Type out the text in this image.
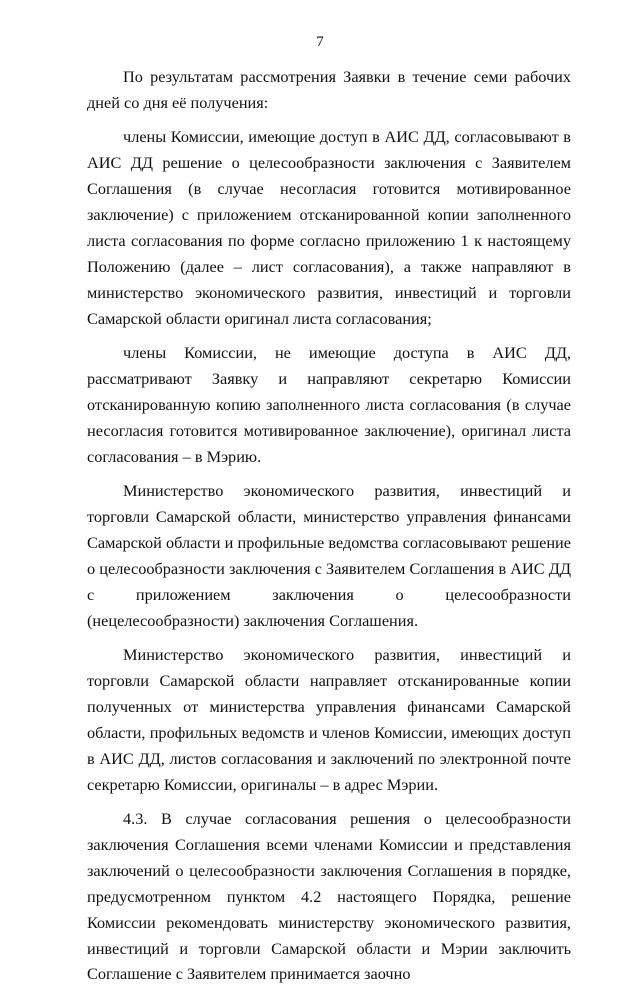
7

По результатам рассмотрения Заявки в течение семи рабочих дней со дня её получения:

члены Комиссии, имеющие доступ в АИС ДД, согласовывают в АИС ДД решение о целесообразности заключения с Заявителем Соглашения (в случае несогласия готовится мотивированное заключение) с приложением отсканированной копии заполненного листа согласования по форме согласно приложению 1 к настоящему Положению (далее – лист согласования), а также направляют в министерство экономического развития, инвестиций и торговли Самарской области оригинал листа согласования;

члены Комиссии, не имеющие доступа в АИС ДД, рассматривают Заявку и направляют секретарю Комиссии отсканированную копию заполненного листа согласования (в случае несогласия готовится мотивированное заключение), оригинал листа согласования – в Мэрию.

Министерство экономического развития, инвестиций и торговли Самарской области, министерство управления финансами Самарской области и профильные ведомства согласовывают решение о целесообразности заключения с Заявителем Соглашения в АИС ДД с приложением заключения о целесообразности (нецелесообразности) заключения Соглашения.

Министерство экономического развития, инвестиций и торговли Самарской области направляет отсканированные копии полученных от министерства управления финансами Самарской области, профильных ведомств и членов Комиссии, имеющих доступ в АИС ДД, листов согласования и заключений по электронной почте секретарю Комиссии, оригиналы – в адрес Мэрии.

4.3. В случае согласования решения о целесообразности заключения Соглашения всеми членами Комиссии и представления заключений о целесообразности заключения Соглашения в порядке, предусмотренном пунктом 4.2 настоящего Порядка, решение Комиссии рекомендовать министерству экономического развития, инвестиций и торговли Самарской области и Мэрии заключить Соглашение с Заявителем принимается заочно
